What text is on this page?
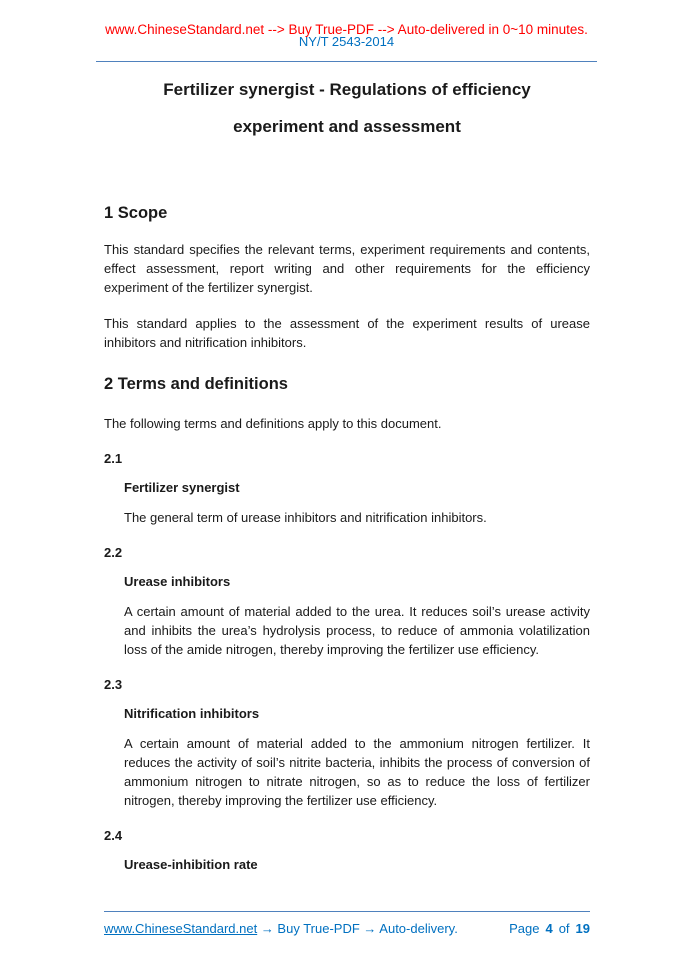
www.ChineseStandard.net --> Buy True-PDF --> Auto-delivered in 0~10 minutes.
NY/T 2543-2014
Fertilizer synergist - Regulations of efficiency
experiment and assessment
1 Scope

This standard specifies the relevant terms, experiment requirements and contents, effect assessment, report writing and other requirements for the efficiency experiment of the fertilizer synergist.

This standard applies to the assessment of the experiment results of urease inhibitors and nitrification inhibitors.

2 Terms and definitions

The following terms and definitions apply to this document.

2.1
Fertilizer synergist

The general term of urease inhibitors and nitrification inhibitors.

2.2
Urease inhibitors

A certain amount of material added to the urea. It reduces soil’s urease activity and inhibits the urea’s hydrolysis process, to reduce of ammonia volatilization loss of the amide nitrogen, thereby improving the fertilizer use efficiency.

2.3
Nitrification inhibitors

A certain amount of material added to the ammonium nitrogen fertilizer. It reduces the activity of soil’s nitrite bacteria, inhibits the process of conversion of ammonium nitrogen to nitrate nitrogen, so as to reduce the loss of fertilizer nitrogen, thereby improving the fertilizer use efficiency.

2.4
Urease-inhibition rate
www.ChineseStandard.net → Buy True-PDF → Auto-delivery.	Page 4 of 19
